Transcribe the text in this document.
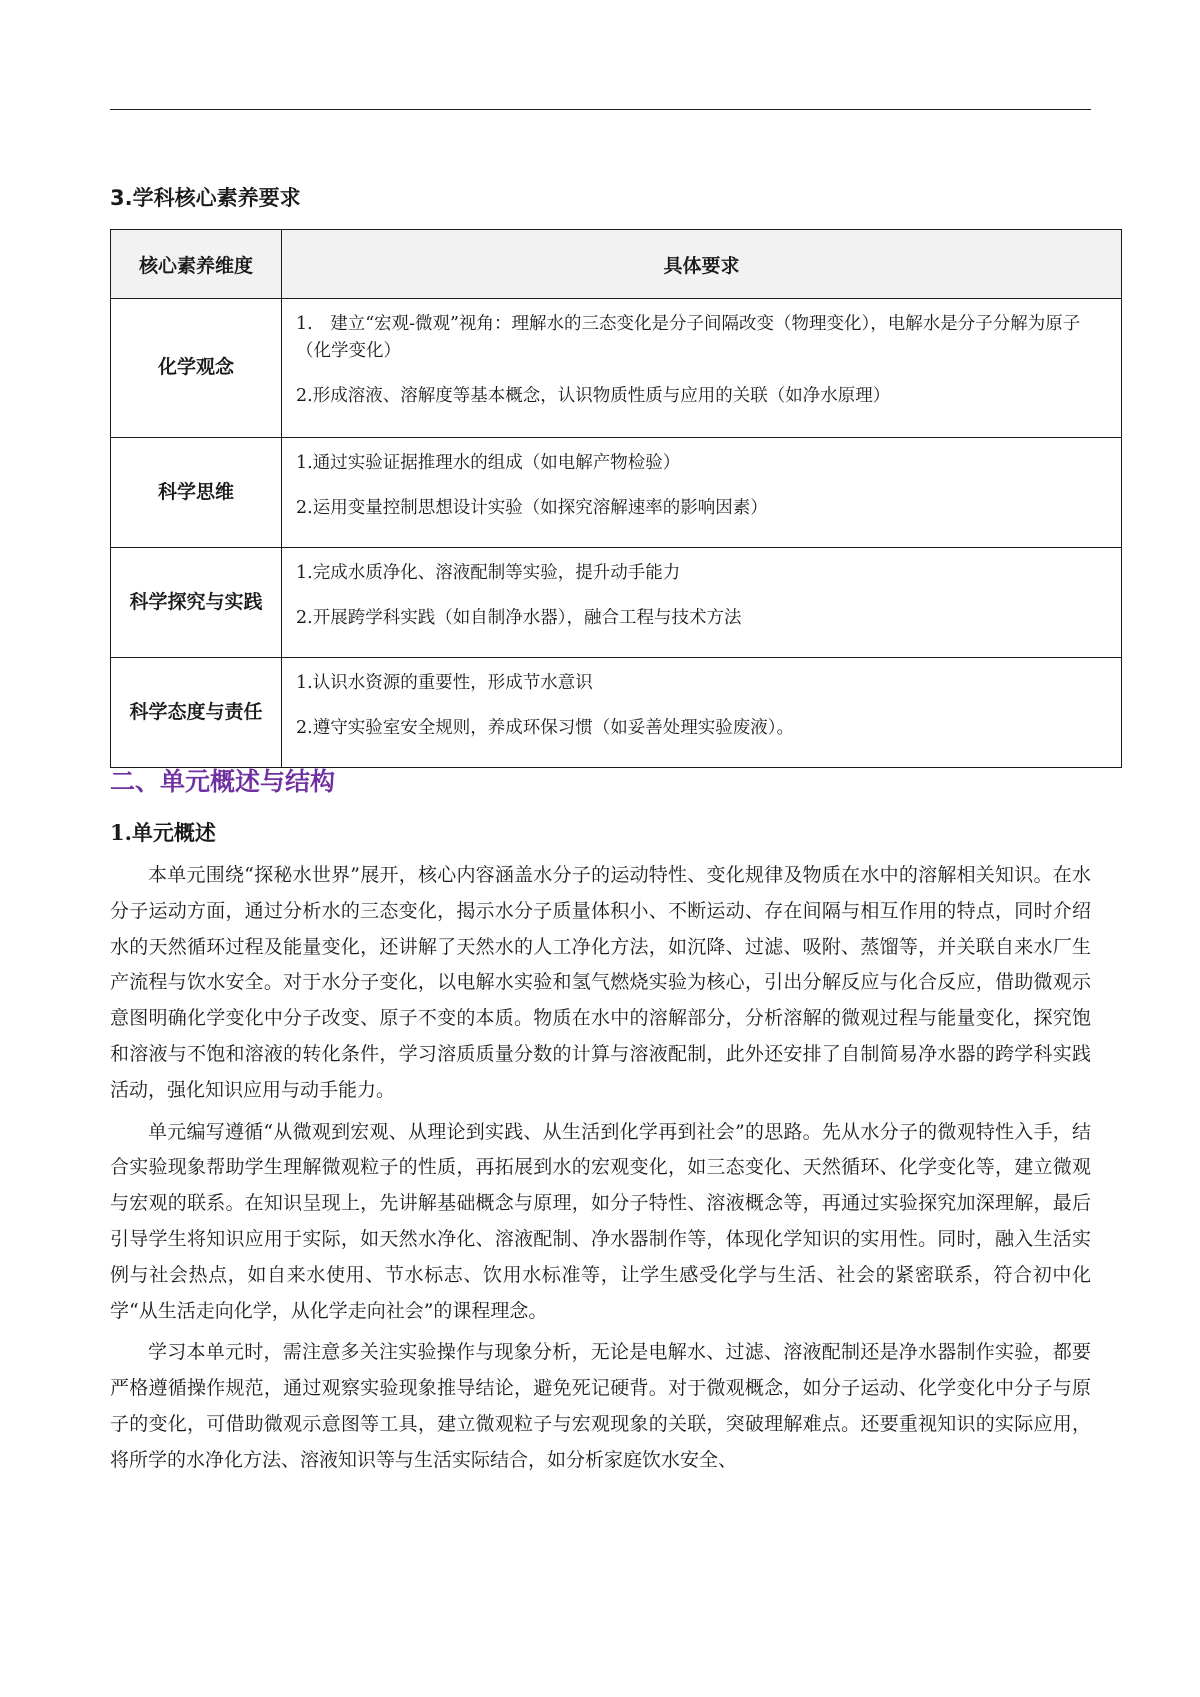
3.学科核心素养要求
核心素养维度	具体要求
化学观念	1.　建立“宏观-微观”视角：理解水的三态变化是分子间隔改变（物理变化），电解水是分子分解为原子（化学变化）

2.形成溶液、溶解度等基本概念，认识物质性质与应用的关联（如净水原理）

科学思维	1.通过实验证据推理水的组成（如电解产物检验）

2.运用变量控制思想设计实验（如探究溶解速率的影响因素）

科学探究与实践	1.完成水质净化、溶液配制等实验，提升动手能力

2.开展跨学科实践（如自制净水器），融合工程与技术方法

科学态度与责任	1.认识水资源的重要性，形成节水意识

2.遵守实验室安全规则，养成环保习惯（如妥善处理实验废液）。

二、单元概述与结构
1.单元概述

本单元围绕“探秘水世界”展开，核心内容涵盖水分子的运动特性、变化规律及物质在水中的溶解相关知识。在水分子运动方面，通过分析水的三态变化，揭示水分子质量体积小、不断运动、存在间隔与相互作用的特点，同时介绍水的天然循环过程及能量变化，还讲解了天然水的人工净化方法，如沉降、过滤、吸附、蒸馏等，并关联自来水厂生产流程与饮水安全。对于水分子变化，以电解水实验和氢气燃烧实验为核心，引出分解反应与化合反应，借助微观示意图明确化学变化中分子改变、原子不变的本质。物质在水中的溶解部分，分析溶解的微观过程与能量变化，探究饱和溶液与不饱和溶液的转化条件，学习溶质质量分数的计算与溶液配制，此外还安排了自制简易净水器的跨学科实践活动，强化知识应用与动手能力。

单元编写遵循“从微观到宏观、从理论到实践、从生活到化学再到社会”的思路。先从水分子的微观特性入手，结合实验现象帮助学生理解微观粒子的性质，再拓展到水的宏观变化，如三态变化、天然循环、化学变化等，建立微观与宏观的联系。在知识呈现上，先讲解基础概念与原理，如分子特性、溶液概念等，再通过实验探究加深理解，最后引导学生将知识应用于实际，如天然水净化、溶液配制、净水器制作等，体现化学知识的实用性。同时，融入生活实例与社会热点，如自来水使用、节水标志、饮用水标准等，让学生感受化学与生活、社会的紧密联系，符合初中化学“从生活走向化学，从化学走向社会”的课程理念。

学习本单元时，需注意多关注实验操作与现象分析，无论是电解水、过滤、溶液配制还是净水器制作实验，都要严格遵循操作规范，通过观察实验现象推导结论，避免死记硬背。对于微观概念，如分子运动、化学变化中分子与原子的变化，可借助微观示意图等工具，建立微观粒子与宏观现象的关联，突破理解难点。还要重视知识的实际应用，将所学的水净化方法、溶液知识等与生活实际结合，如分析家庭饮水安全、
